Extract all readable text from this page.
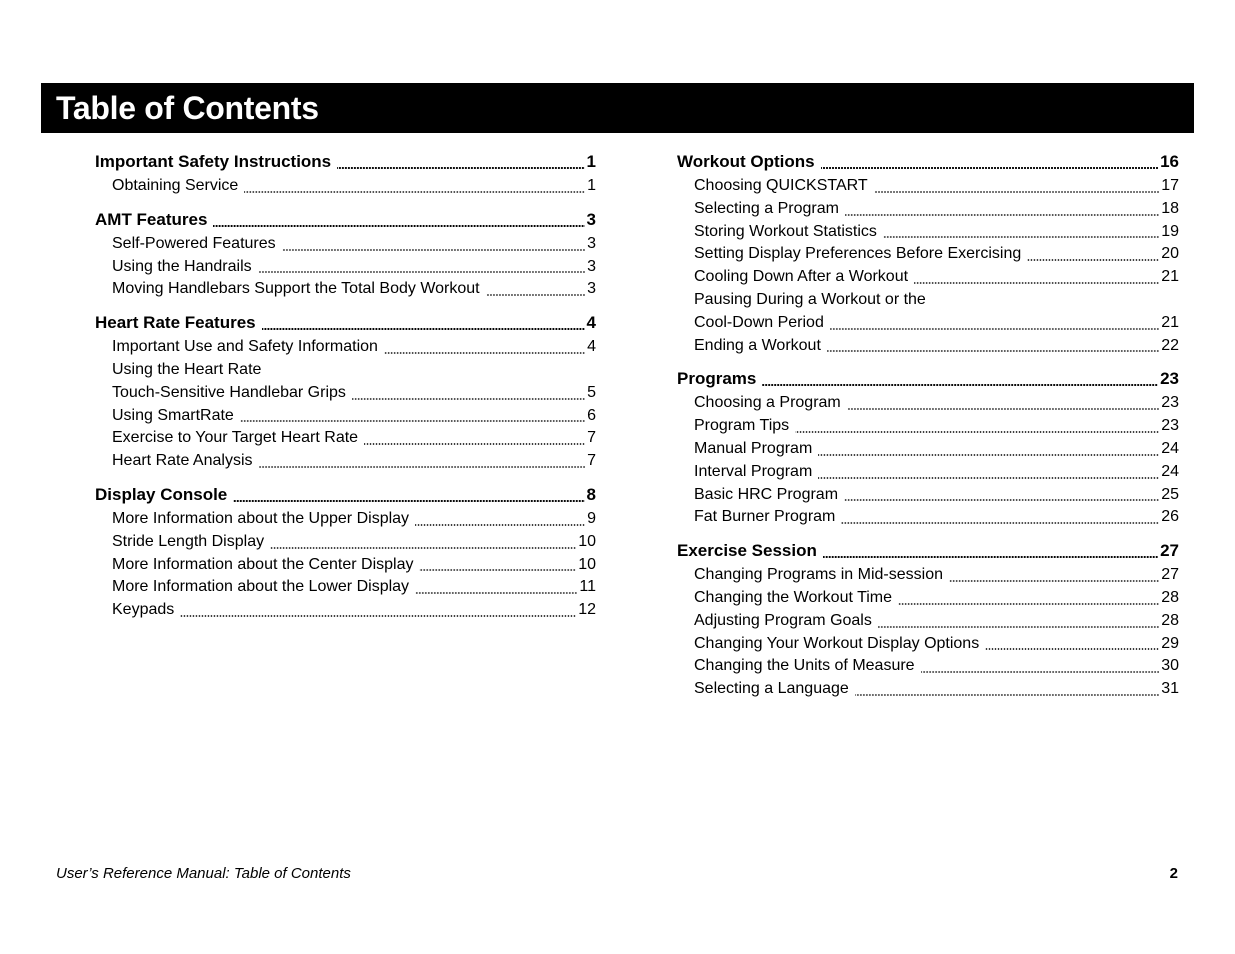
Table of Contents
Important Safety Instructions	1
Obtaining Service	1
AMT Features	3
Self-Powered Features	3
Using the Handrails	3
Moving Handlebars Support the Total Body Workout	3
Heart Rate Features	4
Important Use and Safety Information	4
Using the Heart Rate
Touch-Sensitive Handlebar Grips	5
Using SmartRate	6
Exercise to Your Target Heart Rate	7
Heart Rate Analysis	7
Display Console	8
More Information about the Upper Display	9
Stride Length Display	10
More Information about the Center Display	10
More Information about the Lower Display	11
Keypads	12
Workout Options	16
Choosing QUICKSTART	17
Selecting a Program	18
Storing Workout Statistics	19
Setting Display Preferences Before Exercising	20
Cooling Down After a Workout	21
Pausing During a Workout or the
Cool-Down Period	21
Ending a Workout	22
Programs	23
Choosing a Program	23
Program Tips	23
Manual Program	24
Interval Program	24
Basic HRC Program	25
Fat Burner Program	26
Exercise Session	27
Changing Programs in Mid-session	27
Changing the Workout Time	28
Adjusting Program Goals	28
Changing Your Workout Display Options	29
Changing the Units of Measure	30
Selecting a Language	31
User’s Reference Manual: Table of Contents	2
